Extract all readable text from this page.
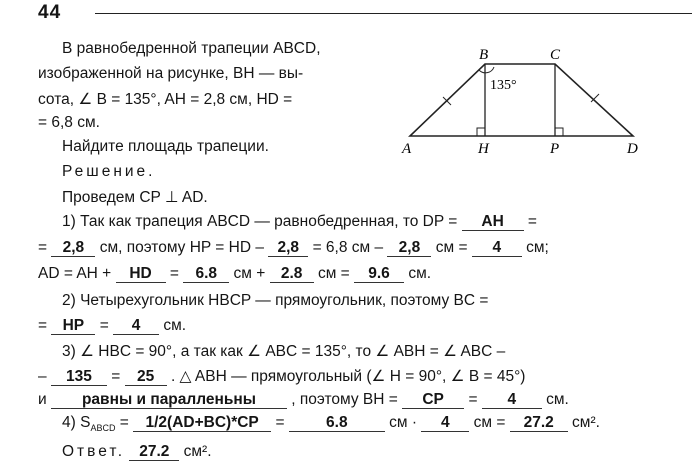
44
В равнобедренной трапеции ABCD,
изображенной на рисунке, BH — вы-
сота, ∠ B = 135°, AH = 2,8 см, HD =
= 6,8 см.
Найдите площадь трапеции.
135°
B	C
A	H	P	D
Решение.
Проведем CP ⊥ AD.
1) Так как трапеция ABCD — равнобедренная, то DP = AH =
= 2,8 см, поэтому HP = HD – 2,8 = 6,8 см – 2,8 см = 4 см;
AD = AH + HD = 6.8 см + 2.8 см = 9.6 см.
2) Четырехугольник HBCP — прямоугольник, поэтому BC =
= HP = 4 см.
3) ∠ HBC = 90°, а так как ∠ ABC = 135°, то ∠ ABH = ∠ ABC –
– 135 = 25 . △ ABH — прямоугольный (∠ H = 90°, ∠ B = 45°)
и равны и паралленьны , поэтому BH = CP = 4 см.
4) $S_{ABCD} = 1/2(AD+BC)*CP$ =	6.8	см · 4 см = 27.2 см².
Ответ. 27.2 см².
